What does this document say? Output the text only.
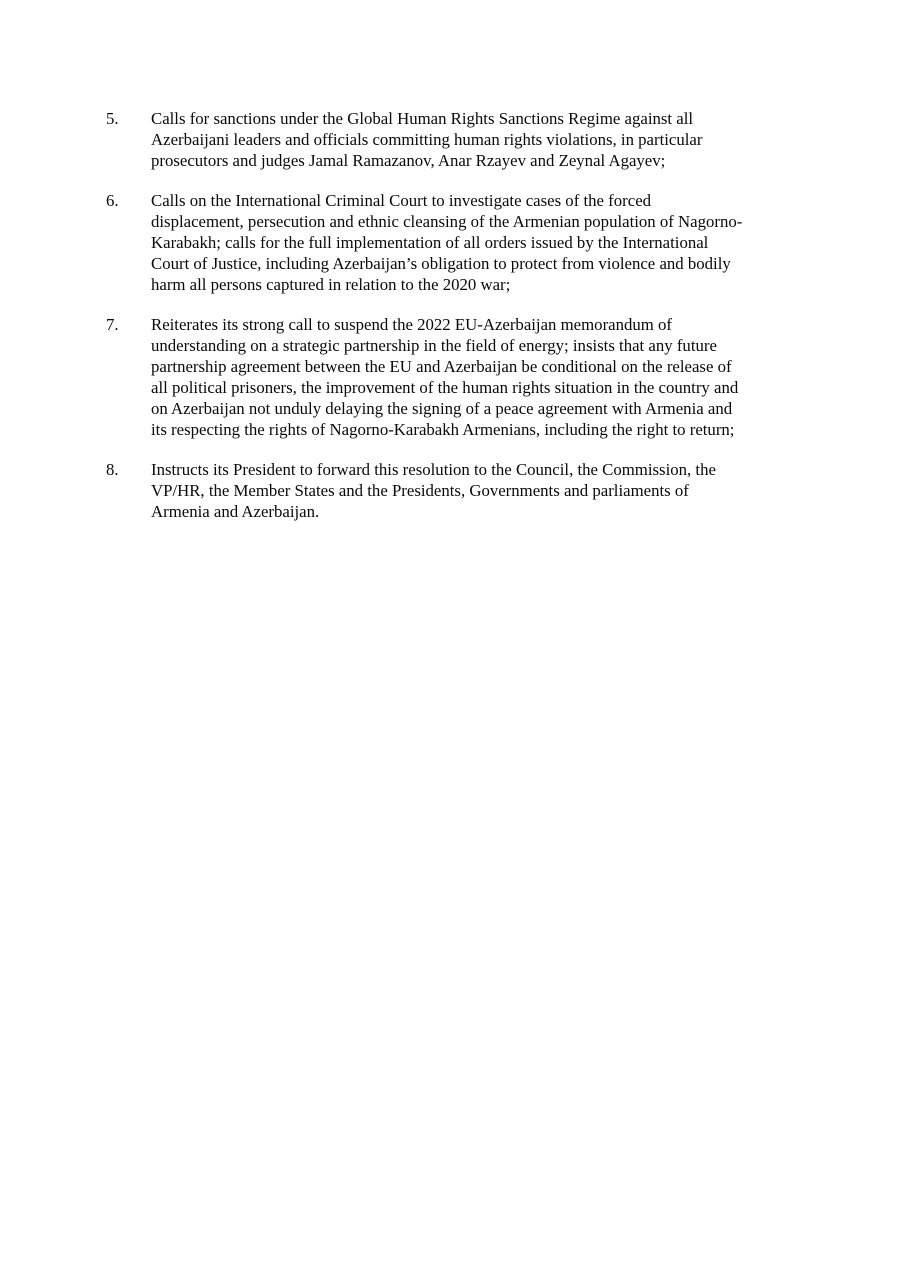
5.	Calls for sanctions under the Global Human Rights Sanctions Regime against all
Azerbaijani leaders and officials committing human rights violations, in particular
prosecutors and judges Jamal Ramazanov, Anar Rzayev and Zeynal Agayev;
6.	Calls on the International Criminal Court to investigate cases of the forced
displacement, persecution and ethnic cleansing of the Armenian population of Nagorno-
Karabakh; calls for the full implementation of all orders issued by the International
Court of Justice, including Azerbaijan’s obligation to protect from violence and bodily
harm all persons captured in relation to the 2020 war;
7.	Reiterates its strong call to suspend the 2022 EU-Azerbaijan memorandum of
understanding on a strategic partnership in the field of energy; insists that any future
partnership agreement between the EU and Azerbaijan be conditional on the release of
all political prisoners, the improvement of the human rights situation in the country and
on Azerbaijan not unduly delaying the signing of a peace agreement with Armenia and
its respecting the rights of Nagorno-Karabakh Armenians, including the right to return;
8.	Instructs its President to forward this resolution to the Council, the Commission, the
VP/HR, the Member States and the Presidents, Governments and parliaments of
Armenia and Azerbaijan.
